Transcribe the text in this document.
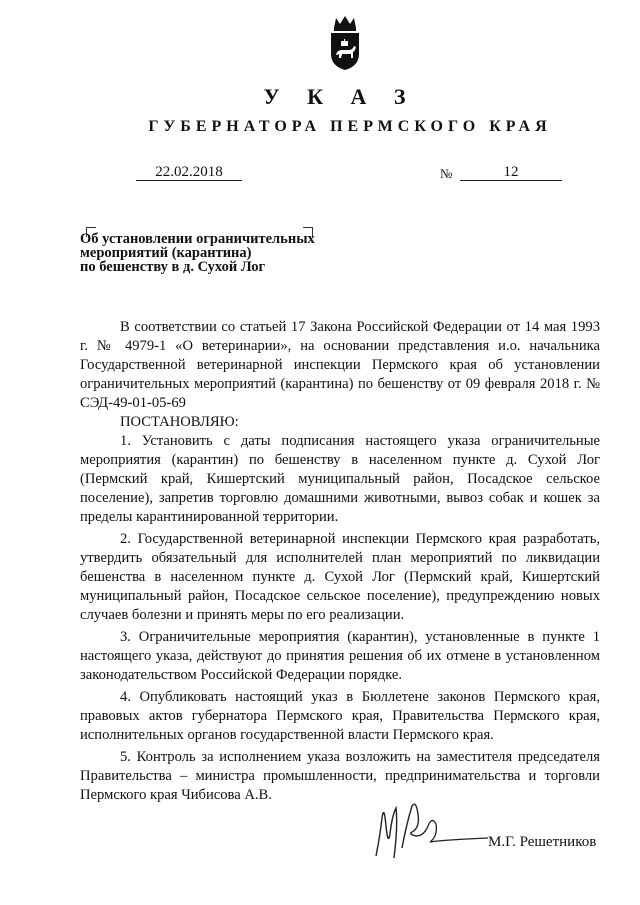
У К А З
ГУБЕРНАТОРА ПЕРМСКОГО КРАЯ
22.02.2018	№	12
Об установлении ограничительных
мероприятий (карантина)
по бешенству в д. Сухой Лог

В соответствии со статьей 17 Закона Российской Федерации от 14 мая 1993 г. № 4979-1 «О ветеринарии», на основании представления и.о. начальника Государственной ветеринарной инспекции Пермского края об установлении ограничительных мероприятий (карантина) по бешенству от 09 февраля 2018 г. № СЭД-49-01-05-69

ПОСТАНОВЛЯЮ:

1. Установить с даты подписания настоящего указа ограничительные мероприятия (карантин) по бешенству в населенном пункте д. Сухой Лог (Пермский край, Кишертский муниципальный район, Посадское сельское поселение), запретив торговлю домашними животными, вывоз собак и кошек за пределы карантинированной территории.

2. Государственной ветеринарной инспекции Пермского края разработать, утвердить обязательный для исполнителей план мероприятий по ликвидации бешенства в населенном пункте д. Сухой Лог (Пермский край, Кишертский муниципальный район, Посадское сельское поселение), предупреждению новых случаев болезни и принять меры по его реализации.

3. Ограничительные мероприятия (карантин), установленные в пункте 1 настоящего указа, действуют до принятия решения об их отмене в установленном законодательством Российской Федерации порядке.

4. Опубликовать настоящий указ в Бюллетене законов Пермского края, правовых актов губернатора Пермского края, Правительства Пермского края, исполнительных органов государственной власти Пермского края.

5. Контроль за исполнением указа возложить на заместителя председателя Правительства – министра промышленности, предпринимательства и торговли Пермского края Чибисова А.В.

М.Г. Решетников
